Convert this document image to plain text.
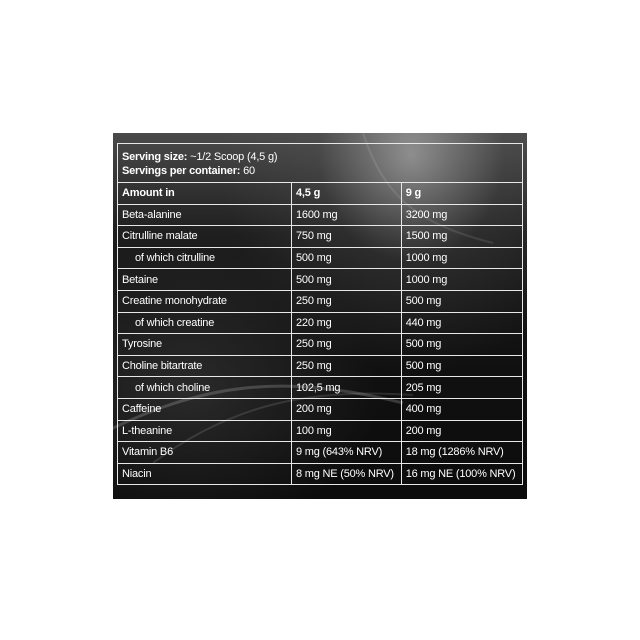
Serving size: ~1/2 Scoop (4,5 g)
Servings per container: 60		

Amount in	4,5 g	9 g
Beta-alanine	1600 mg	3200 mg
Citrulline malate	750 mg	1500 mg
of which citrulline	500 mg	1000 mg
Betaine	500 mg	1000 mg
Creatine monohydrate	250 mg	500 mg
of which creatine	220 mg	440 mg
Tyrosine	250 mg	500 mg
Choline bitartrate	250 mg	500 mg
of which choline	102,5 mg	205 mg
Caffeine	200 mg	400 mg
L-theanine	100 mg	200 mg
Vitamin B6	9 mg (643% NRV)	18 mg (1286% NRV)
Niacin	8 mg NE (50% NRV)	16 mg NE (100% NRV)
